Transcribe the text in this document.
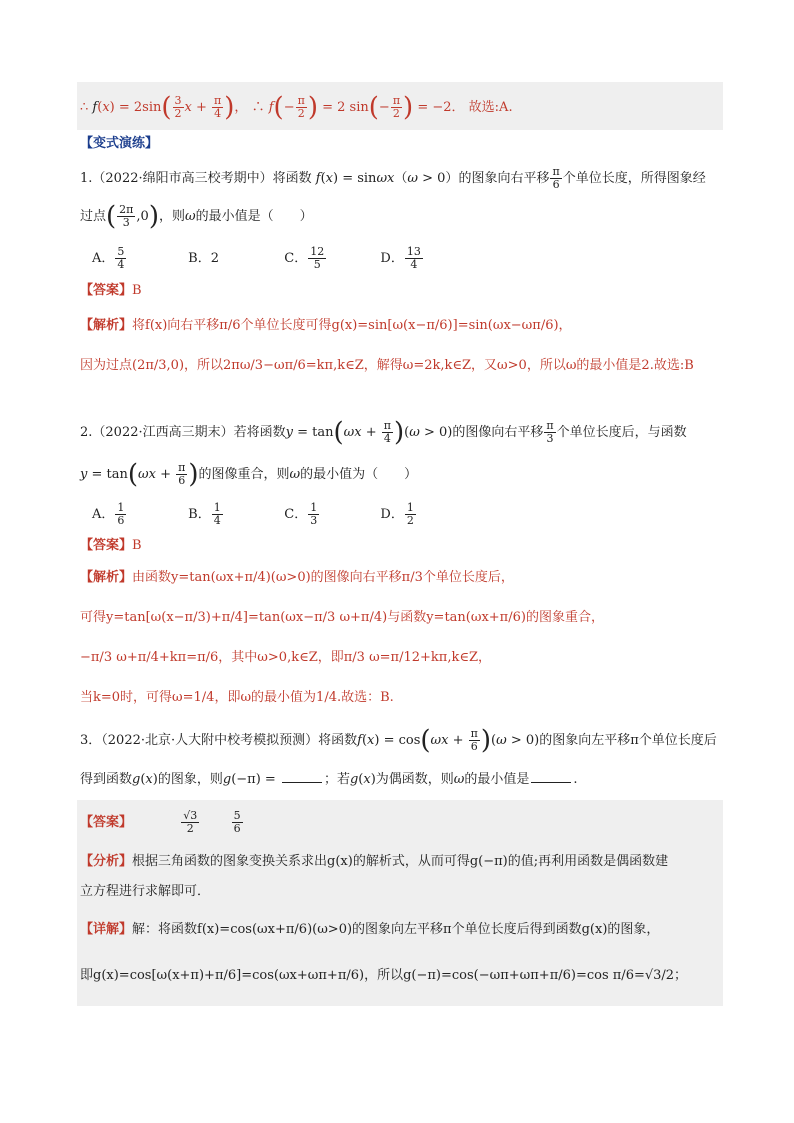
∴ $f(x) = 2\sin( \frac{3}{2}$ $x + \frac{\pi}{4}$ )， ∴ $f(- \frac{\pi}{2}$ ) = 2 $\sin(- \frac{\pi}{2}$ ) = −2． 故选:A.
【变式演练】
1.（2022·绵阳市高三校考期中）将函数 f(x) = sinωx（ω > 0）的图象向右平移 $\frac{\pi}{6}$ 个单位长度，所得图象经
过点( $\frac{2\pi}{3} ,0$)，则ω的最小值是（　　）
A． $\frac{5}{4}$	B．2	C． $\frac{12}{5}$	D． $\frac{13}{4}$
【答案】B
【解析】将f(x)向右平移π/6个单位长度可得g(x)=sin[ω(x−π/6)]=sin(ωx−ωπ/6)，
因为过点(2π/3,0)，所以2πω/3−ωπ/6=kπ,k∈Z，解得ω=2k,k∈Z，又ω>0，所以ω的最小值是2.故选:B
2.（2022·江西高三期末）若将函数$y = \tan(\omega x + \frac{\pi}{4} )(\omega > 0)$的图像向右平移 $\frac{\pi}{3}$ 个单位长度后，与函数
$y = \tan(\omega x + \frac{\pi}{6}$ )的图像重合，则ω的最小值为（　　）
A． $\frac{1}{6}$	B． $\frac{1}{4}$	C． $\frac{1}{3}$	D． $\frac{1}{2}$
【答案】B
【解析】由函数y=tan(ωx+π/4)(ω>0)的图像向右平移π/3个单位长度后，
可得y=tan[ω(x−π/3)+π/4]=tan(ωx−π/3 ω+π/4)与函数y=tan(ωx+π/6)的图象重合，
−π/3 ω+π/4+kπ=π/6，其中ω>0,k∈Z，即π/3 ω=π/12+kπ,k∈Z，
当k=0时，可得ω=1/4，即ω的最小值为1/4.故选：B.
3．（2022·北京·人大附中校考模拟预测）将函数$f(x) = \cos(\omega x + \frac{\pi}{6} )(\omega > 0)$的图象向左平移π个单位长度后
得到函数g(x)的图象，则g(−π) =	；若g(x)为偶函数，则ω的最小值是	.
【答案】	$\frac{√3}{2}$
	$\frac{5}{6}$
【分析】根据三角函数的图象变换关系求出g(x)的解析式，从而可得g(−π)的值;再利用函数是偶函数建
立方程进行求解即可．
【详解】解：将函数f(x)=cos(ωx+π/6)(ω>0)的图象向左平移π个单位长度后得到函数g(x)的图象，
即g(x)=cos[ω(x+π)+π/6]=cos(ωx+ωπ+π/6)，所以g(−π)=cos(−ωπ+ωπ+π/6)=cos π/6=√3/2；
